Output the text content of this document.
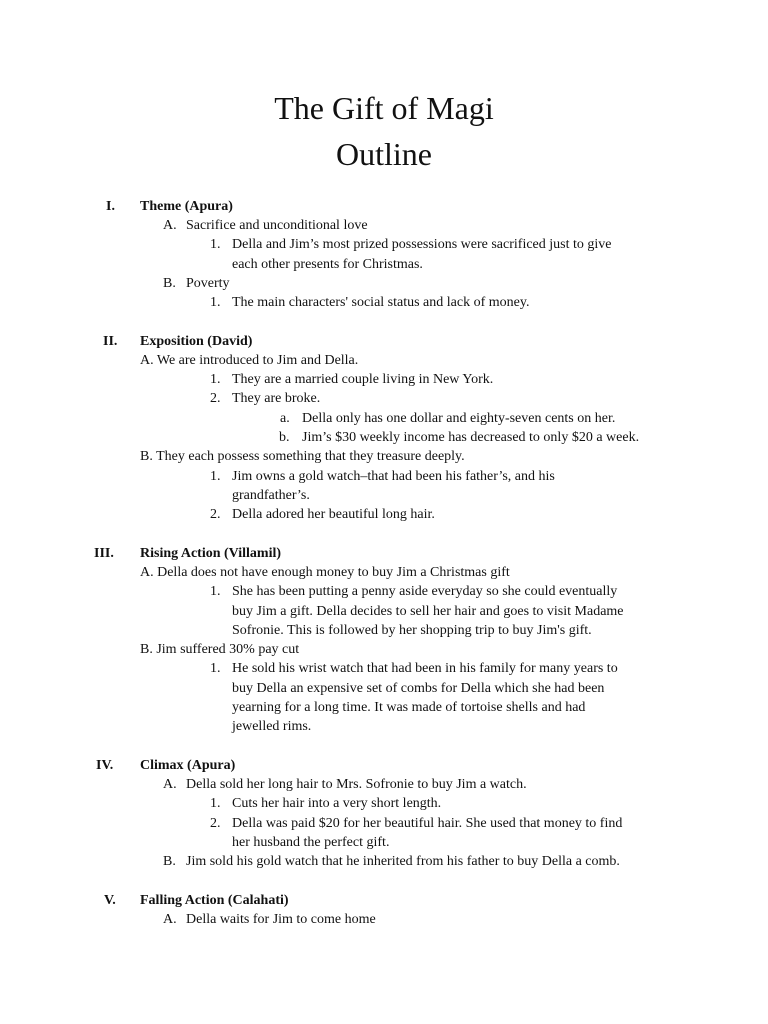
The Gift of Magi
Outline
I. Theme (Apura)
A. Sacrifice and unconditional love
1. Della and Jim’s most prized possessions were sacrificed just to give
each other presents for Christmas.
B. Poverty
1. The main characters' social status and lack of money.
II. Exposition (David)
A. We are introduced to Jim and Della.
1. They are a married couple living in New York.
2. They are broke.
a. Della only has one dollar and eighty-seven cents on her.
b. Jim’s $30 weekly income has decreased to only $20 a week.
B. They each possess something that they treasure deeply.
1. Jim owns a gold watch–that had been his father’s, and his
grandfather’s.
2. Della adored her beautiful long hair.
III. Rising Action (Villamil)
A. Della does not have enough money to buy Jim a Christmas gift
1. She has been putting a penny aside everyday so she could eventually
buy Jim a gift. Della decides to sell her hair and goes to visit Madame
Sofronie. This is followed by her shopping trip to buy Jim's gift.
B. Jim suffered 30% pay cut
1. He sold his wrist watch that had been in his family for many years to
buy Della an expensive set of combs for Della which she had been
yearning for a long time. It was made of tortoise shells and had
jewelled rims.
IV. Climax (Apura)
A. Della sold her long hair to Mrs. Sofronie to buy Jim a watch.
1. Cuts her hair into a very short length.
2. Della was paid $20 for her beautiful hair. She used that money to find
her husband the perfect gift.
B. Jim sold his gold watch that he inherited from his father to buy Della a comb.
V. Falling Action (Calahati)
A. Della waits for Jim to come home
